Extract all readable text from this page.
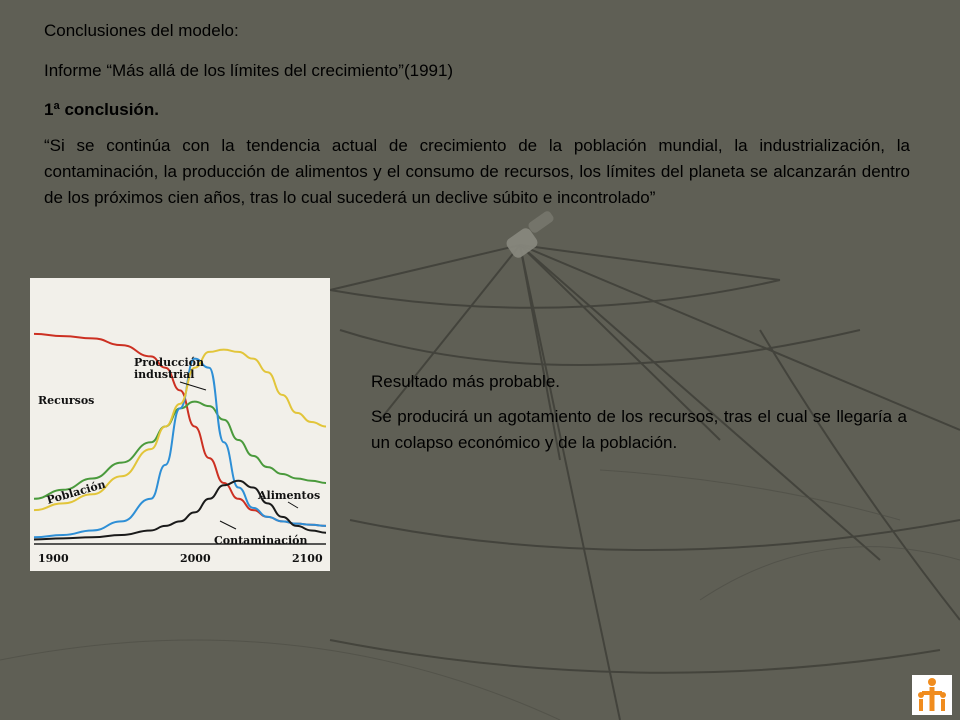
Conclusiones del modelo:
Informe “Más allá de los límites del crecimiento”(1991)
1ª conclusión.
“Si se continúa con la tendencia actual de crecimiento de la población mundial, la industrialización, la contaminación, la producción de alimentos y el consumo de recursos, los límites del planeta se alcanzarán dentro de los próximos cien años, tras lo cual sucederá un declive súbito e incontrolado”
Producción industrial
Recursos
Población	Alimentos
Contaminación
1900	2000	2100
Resultado más probable.
Se producirá un agotamiento de los recursos, tras el cual se llegaría a un colapso económico y de la población.
